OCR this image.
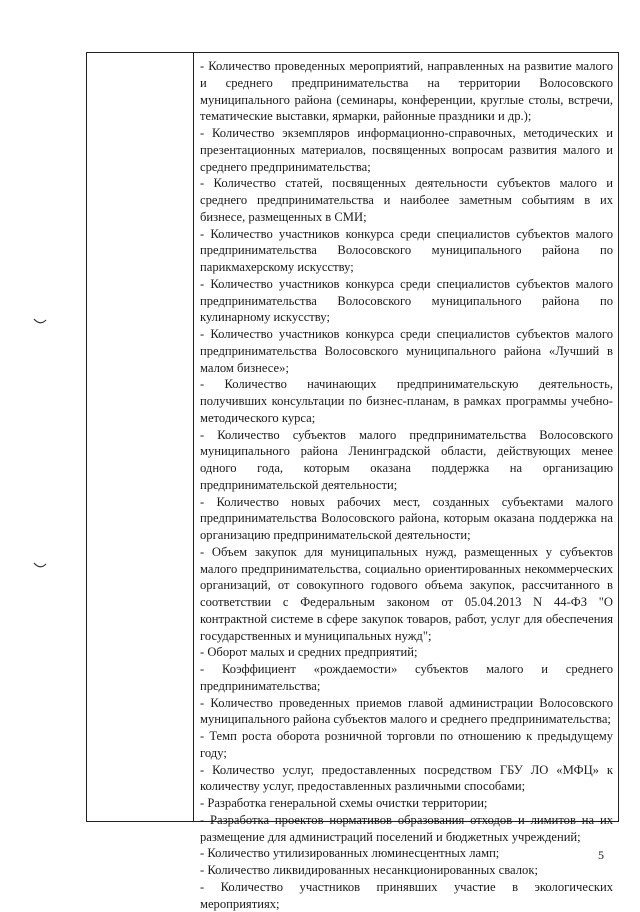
- Количество проведенных мероприятий, направленных на развитие малого и среднего предпринимательства на территории Волосовского муниципального района (семинары, конференции, круглые столы, встречи, тематические выставки, ярмарки, районные праздники и др.);

- Количество экземпляров информационно-справочных, методических и презентационных материалов, посвященных вопросам развития малого и среднего предпринимательства;

- Количество статей, посвященных деятельности субъектов малого и среднего предпринимательства и наиболее заметным событиям в их бизнесе, размещенных в СМИ;

- Количество участников конкурса среди специалистов субъектов малого предпринимательства Волосовского муниципального района по парикмахерскому искусству;

- Количество участников конкурса среди специалистов субъектов малого предпринимательства Волосовского муниципального района по кулинарному искусству;

- Количество участников конкурса среди специалистов субъектов малого предпринимательства Волосовского муниципального района «Лучший в малом бизнесе»;

- Количество начинающих предпринимательскую деятельность, получивших консультации по бизнес-планам, в рамках программы учебно-методического курса;

- Количество субъектов малого предпринимательства Волосовского муниципального района Ленинградской области, действующих менее одного года, которым оказана поддержка на организацию предпринимательской деятельности;

- Количество новых рабочих мест, созданных субъектами малого предпринимательства Волосовского района, которым оказана поддержка на организацию предпринимательской деятельности;

- Объем закупок для муниципальных нужд, размещенных у субъектов малого предпринимательства, социально ориентированных некоммерческих организаций, от совокупного годового объема закупок, рассчитанного в соответствии с Федеральным законом от 05.04.2013 N 44-ФЗ "О контрактной системе в сфере закупок товаров, работ, услуг для обеспечения государственных и муниципальных нужд";

- Оборот малых и средних предприятий;

- Коэффициент «рождаемости» субъектов малого и среднего предпринимательства;

- Количество проведенных приемов главой администрации Волосовского муниципального района субъектов малого и среднего предпринимательства;

- Темп роста оборота розничной торговли по отношению к предыдущему году;

- Количество услуг, предоставленных посредством ГБУ ЛО «МФЦ» к количеству услуг, предоставленных различными способами;

- Разработка генеральной схемы очистки территории;

- Разработка проектов нормативов образования отходов и лимитов на их размещение для администраций поселений и бюджетных учреждений;

- Количество утилизированных люминесцентных ламп;

- Количество ликвидированных несанкционированных свалок;

- Количество участников принявших участие в экологических мероприятиях;

5
